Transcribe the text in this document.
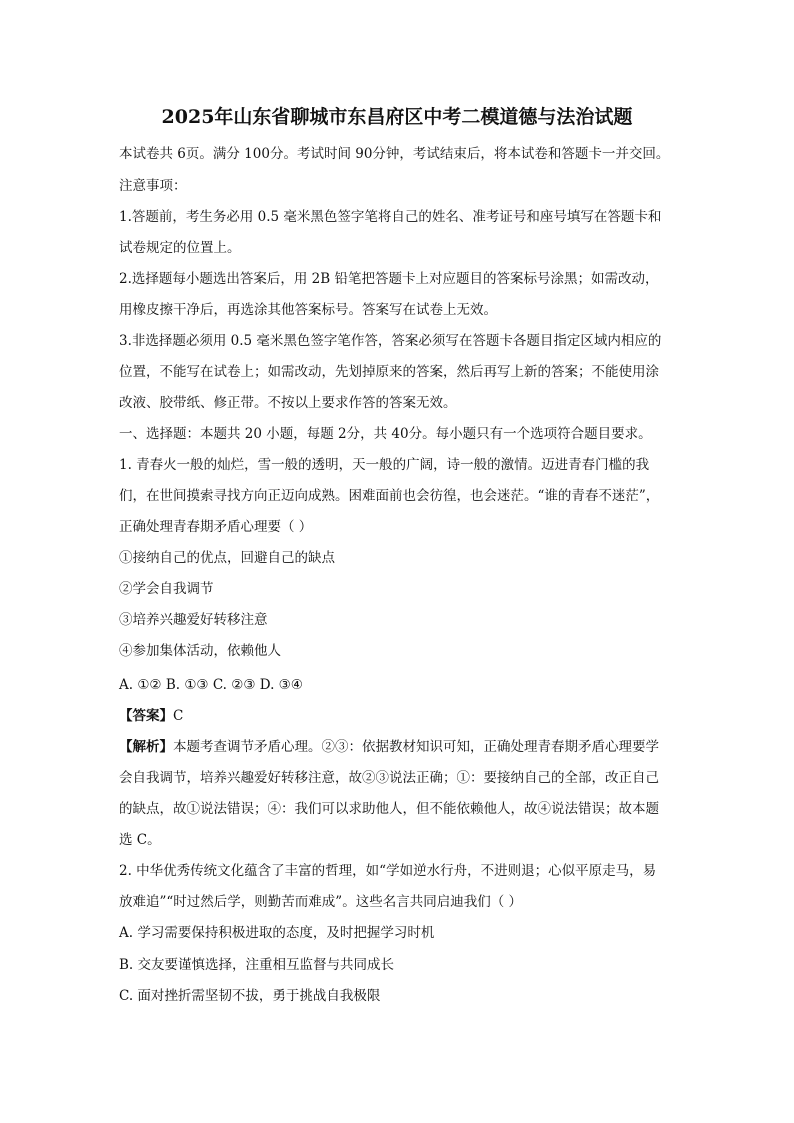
2025年山东省聊城市东昌府区中考二模道德与法治试题
本试卷共 6页。满分 100分。考试时间 90分钟，考试结束后，将本试卷和答题卡一并交回。
注意事项：
1.答题前，考生务必用 0.5 毫米黑色签字笔将自己的姓名、准考证号和座号填写在答题卡和
试卷规定的位置上。
2.选择题每小题选出答案后，用 2B 铅笔把答题卡上对应题目的答案标号涂黑；如需改动，
用橡皮擦干净后，再选涂其他答案标号。答案写在试卷上无效。
3.非选择题必须用 0.5 毫米黑色签字笔作答，答案必须写在答题卡各题目指定区域内相应的
位置，不能写在试卷上；如需改动，先划掉原来的答案，然后再写上新的答案；不能使用涂
改液、胶带纸、修正带。不按以上要求作答的答案无效。
一、选择题：本题共 20 小题，每题 2分，共 40分。每小题只有一个选项符合题目要求。
1. 青春火一般的灿烂，雪一般的透明，天一般的广阔，诗一般的激情。迈进青春门槛的我
们，在世间摸索寻找方向正迈向成熟。困难面前也会彷徨，也会迷茫。“谁的青春不迷茫”，
正确处理青春期矛盾心理要（ ）
①接纳自己的优点，回避自己的缺点
②学会自我调节
③培养兴趣爱好转移注意
④参加集体活动，依赖他人
A. ①② B. ①③ C. ②③ D. ③④
【答案】C
【解析】本题考查调节矛盾心理。②③：依据教材知识可知，正确处理青春期矛盾心理要学
会自我调节，培养兴趣爱好转移注意，故②③说法正确；①：要接纳自己的全部，改正自己
的缺点，故①说法错误；④：我们可以求助他人，但不能依赖他人，故④说法错误；故本题
选 C。
2. 中华优秀传统文化蕴含了丰富的哲理，如“学如逆水行舟，不进则退；心似平原走马，易
放难追”“时过然后学，则勤苦而难成”。这些名言共同启迪我们（ ）
A. 学习需要保持积极进取的态度，及时把握学习时机
B. 交友要谨慎选择，注重相互监督与共同成长
C. 面对挫折需坚韧不拔，勇于挑战自我极限
